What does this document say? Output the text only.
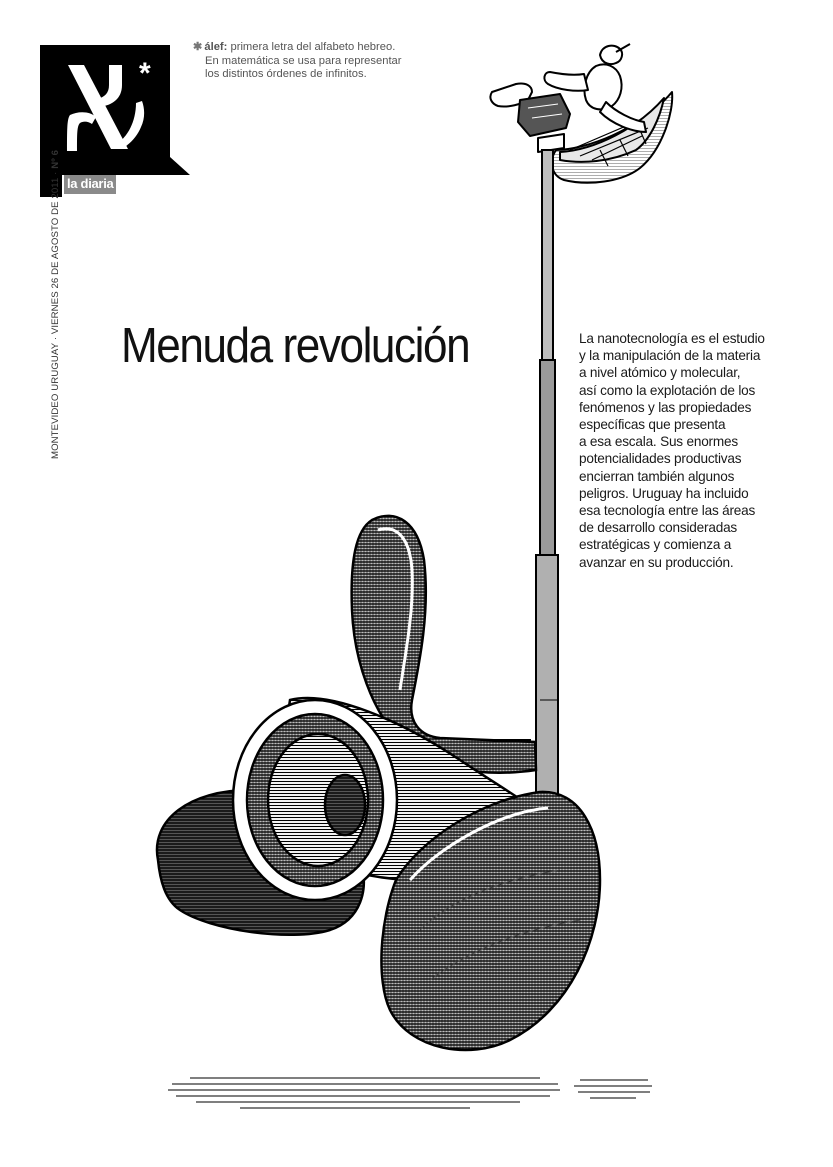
*
la diaria
✱ álef: primera letra del alfabeto hebreo.
En matemática se usa para representar
los distintos órdenes de infinitos.
MONTEVIDEO URUGUAY · VIERNES 26 DE AGOSTO DE 2011 · Nº 6
Menuda revolución	La nanotecnología es el estudio
y la manipulación de la materia
a nivel atómico y molecular,
así como la explotación de los
fenómenos y las propiedades
específicas que presenta
a esa escala. Sus enormes
potencialidades productivas
encierran también algunos
peligros. Uruguay ha incluido
esa tecnología entre las áreas
de desarrollo consideradas
estratégicas y comienza a
avanzar en su producción.
